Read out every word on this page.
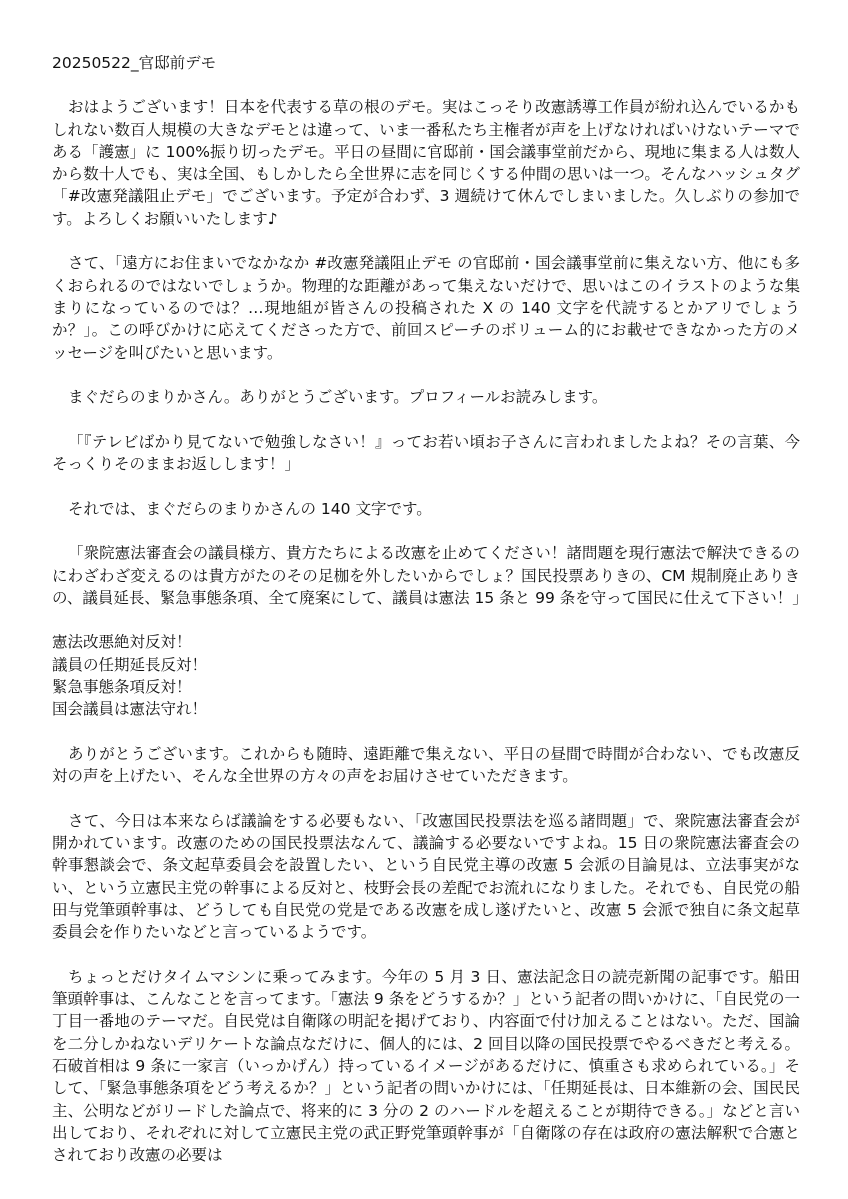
20250522_官邸前デモ

おはようございます！日本を代表する草の根のデモ。実はこっそり改憲誘導工作員が紛れ込んでいるかもしれない数百人規模の大きなデモとは違って、いま一番私たち主権者が声を上げなければいけないテーマである「護憲」に 100%振り切ったデモ。平日の昼間に官邸前・国会議事堂前だから、現地に集まる人は数人から数十人でも、実は全国、もしかしたら全世界に志を同じくする仲間の思いは一つ。そんなハッシュタグ「#改憲発議阻止デモ」でございます。予定が合わず、3 週続けて休んでしまいました。久しぶりの参加です。よろしくお願いいたします♪

さて、「遠方にお住まいでなかなか #改憲発議阻止デモ の官邸前・国会議事堂前に集えない方、他にも多くおられるのではないでしょうか。物理的な距離があって集えないだけで、思いはこのイラストのような集まりになっているのでは？…現地組が皆さんの投稿された X の 140 文字を代読するとかアリでしょうか？」。この呼びかけに応えてくださった方で、前回スピーチのボリューム的にお載せできなかった方のメッセージを叫びたいと思います。

まぐだらのまりかさん。ありがとうございます。プロフィールお読みします。

「『テレビばかり見てないで勉強しなさい！』ってお若い頃お子さんに言われましたよね？その言葉、今そっくりそのままお返しします！」

それでは、まぐだらのまりかさんの 140 文字です。

「衆院憲法審査会の議員様方、貴方たちによる改憲を止めてください！諸問題を現行憲法で解決できるのにわざわざ変えるのは貴方がたのその足枷を外したいからでしょ？国民投票ありきの、CM 規制廃止ありきの、議員延長、緊急事態条項、全て廃案にして、議員は憲法 15 条と 99 条を守って国民に仕えて下さい！」

憲法改悪絶対反対！
議員の任期延長反対！
緊急事態条項反対！
国会議員は憲法守れ！

ありがとうございます。これからも随時、遠距離で集えない、平日の昼間で時間が合わない、でも改憲反対の声を上げたい、そんな全世界の方々の声をお届けさせていただきます。

さて、今日は本来ならば議論をする必要もない、「改憲国民投票法を巡る諸問題」で、衆院憲法審査会が開かれています。改憲のための国民投票法なんて、議論する必要ないですよね。15 日の衆院憲法審査会の幹事懇談会で、条文起草委員会を設置したい、という自民党主導の改憲 5 会派の目論見は、立法事実がない、という立憲民主党の幹事による反対と、枝野会長の差配でお流れになりました。それでも、自民党の船田与党筆頭幹事は、どうしても自民党の党是である改憲を成し遂げたいと、改憲 5 会派で独自に条文起草委員会を作りたいなどと言っているようです。

ちょっとだけタイムマシンに乗ってみます。今年の 5 月 3 日、憲法記念日の読売新聞の記事です。船田筆頭幹事は、こんなことを言ってます。「憲法 9 条をどうするか？」という記者の問いかけに、「自民党の一丁目一番地のテーマだ。自民党は自衛隊の明記を掲げており、内容面で付け加えることはない。ただ、国論を二分しかねないデリケートな論点なだけに、個人的には、2 回目以降の国民投票でやるべきだと考える。石破首相は 9 条に一家言（いっかげん）持っているイメージがあるだけに、慎重さも求められている。」そして、「緊急事態条項をどう考えるか？」という記者の問いかけには、「任期延長は、日本維新の会、国民民主、公明などがリードした論点で、将来的に 3 分の 2 のハードルを超えることが期待できる。」などと言い出しており、それぞれに対して立憲民主党の武正野党筆頭幹事が「自衛隊の存在は政府の憲法解釈で合憲とされており改憲の必要は
